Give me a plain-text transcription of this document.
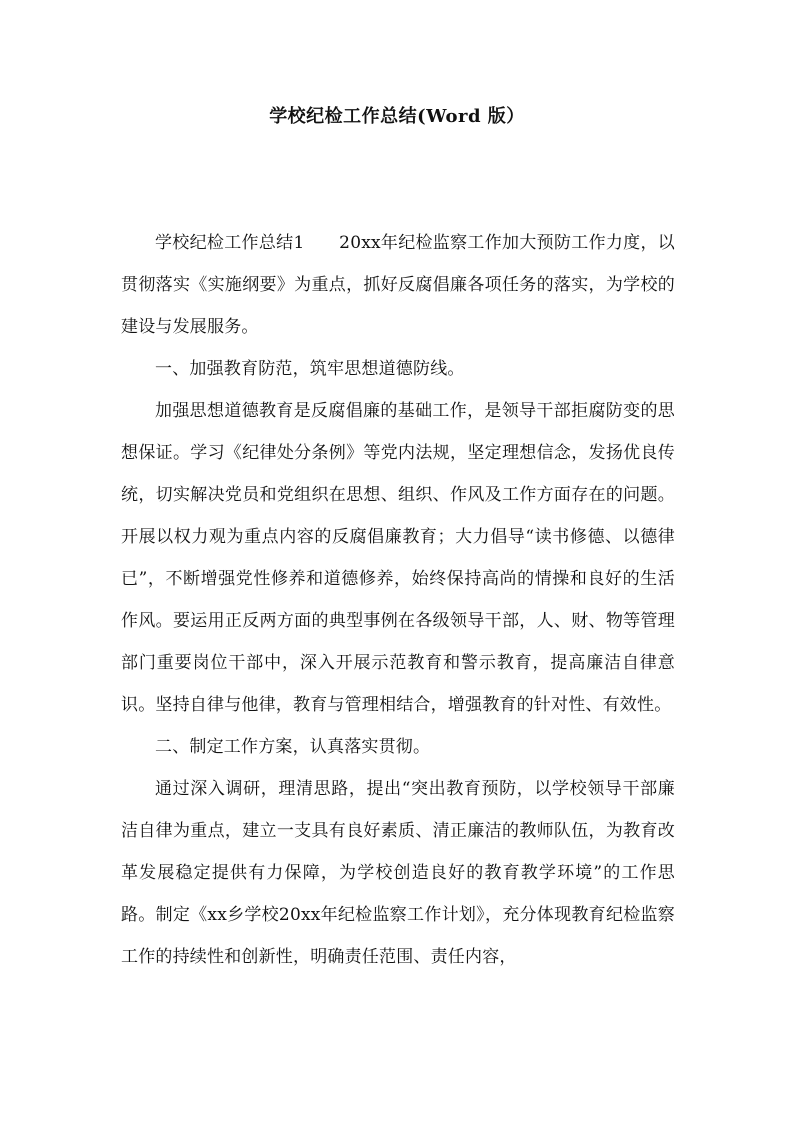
学校纪检工作总结(Word 版）

学校纪检工作总结1　　20xx年纪检监察工作加大预防工作力度，以贯彻落实《实施纲要》为重点，抓好反腐倡廉各项任务的落实，为学校的建设与发展服务。

一、加强教育防范，筑牢思想道德防线。

加强思想道德教育是反腐倡廉的基础工作，是领导干部拒腐防变的思想保证。学习《纪律处分条例》等党内法规，坚定理想信念，发扬优良传统，切实解决党员和党组织在思想、组织、作风及工作方面存在的问题。开展以权力观为重点内容的反腐倡廉教育；大力倡导“读书修德、以德律已”，不断增强党性修养和道德修养，始终保持高尚的情操和良好的生活作风。要运用正反两方面的典型事例在各级领导干部，人、财、物等管理部门重要岗位干部中，深入开展示范教育和警示教育，提高廉洁自律意识。坚持自律与他律，教育与管理相结合，增强教育的针对性、有效性。

二、制定工作方案，认真落实贯彻。

通过深入调研，理清思路，提出“突出教育预防，以学校领导干部廉洁自律为重点，建立一支具有良好素质、清正廉洁的教师队伍，为教育改革发展稳定提供有力保障，为学校创造良好的教育教学环境”的工作思路。制定《xx乡学校20xx年纪检监察工作计划》，充分体现教育纪检监察工作的持续性和创新性，明确责任范围、责任内容，
